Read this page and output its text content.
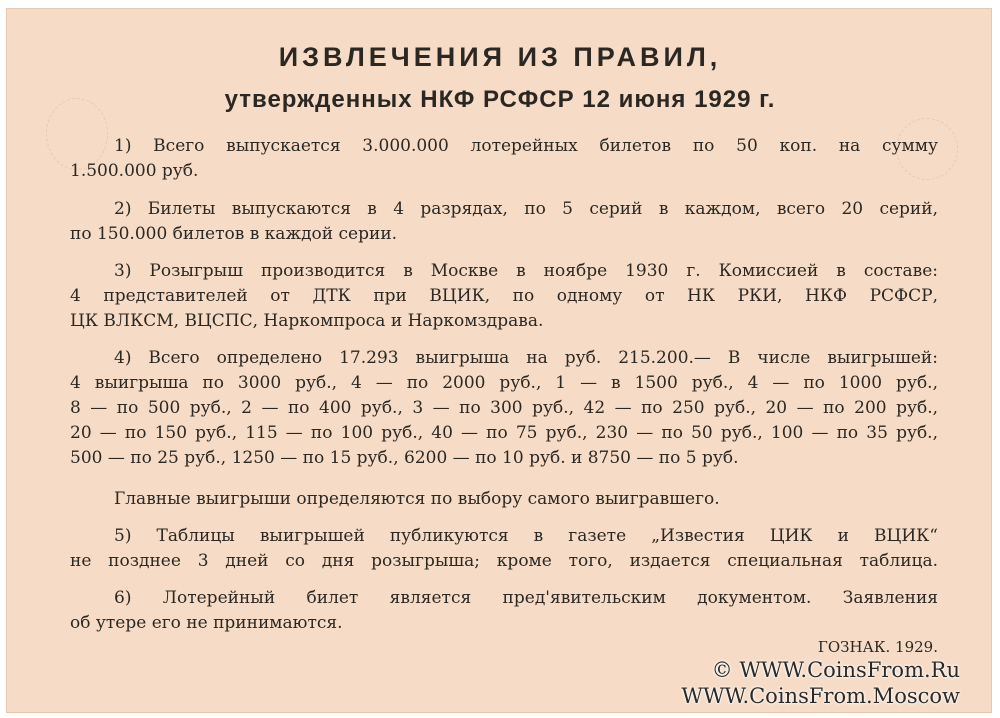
ИЗВЛЕЧЕНИЯ ИЗ ПРАВИЛ,
утвержденных НКФ РСФСР 12 июня 1929 г.
1) Всего выпускается 3.000.000 лотерейных билетов по 50 коп. на сумму
1.500.000 руб.
2) Билеты выпускаются в 4 разрядах, по 5 серий в каждом, всего 20 серий,
по 150.000 билетов в каждой серии.
3) Розыгрыш производится в Москве в ноябре 1930 г. Комиссией в составе:
4 представителей от ДТК при ВЦИК, по одному от НК РКИ, НКФ РСФСР,
ЦК ВЛКСМ, ВЦСПС, Наркомпроса и Наркомздрава.
4) Всего определено 17.293 выигрыша на руб. 215.200.— В числе выигрышей:
4 выигрыша по 3000 руб., 4 — по 2000 руб., 1 — в 1500 руб., 4 — по 1000 руб.,
8 — по 500 руб., 2 — по 400 руб., 3 — по 300 руб., 42 — по 250 руб., 20 — по 200 руб.,
20 — по 150 руб., 115 — по 100 руб., 40 — по 75 руб., 230 — по 50 руб., 100 — по 35 руб.,
500 — по 25 руб., 1250 — по 15 руб., 6200 — по 10 руб. и 8750 — по 5 руб.
Главные выигрыши определяются по выбору самого выигравшего.
5) Таблицы выигрышей публикуются в газете „Известия ЦИК и ВЦИК“
не позднее 3 дней со дня розыгрыша; кроме того, издается специальная таблица.
6) Лотерейный билет является пред'явительским документом. Заявления
об утере его не принимаются.
ГОЗНАК. 1929.
© WWW.CoinsFrom.Ru
WWW.CoinsFrom.Moscow
